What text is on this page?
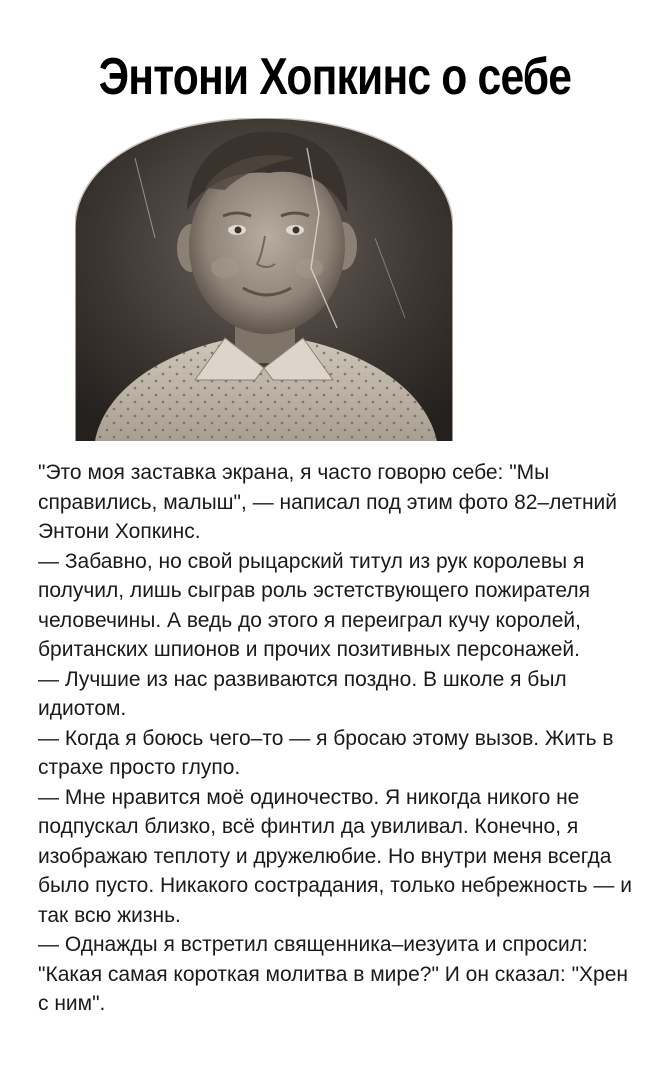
Энтони Хопкинс о себе

"Это моя заставка экрана, я часто говорю себе: "Мы справились, малыш", — написал под этим фото 82–летний Энтони Хопкинс.

— Забавно, но свой рыцарский титул из рук королевы я получил, лишь сыграв роль эстетствующего пожирателя человечины. А ведь до этого я переиграл кучу королей, британских шпионов и прочих позитивных персонажей.

— Лучшие из нас развиваются поздно. В школе я был идиотом.

— Когда я боюсь чего–то — я бросаю этому вызов. Жить в страхе просто глупо.

— Мне нравится моё одиночество. Я никогда никого не подпускал близко, всё финтил да увиливал. Конечно, я изображаю теплоту и дружелюбие. Но внутри меня всегда было пусто. Никакого сострадания, только небрежность — и так всю жизнь.

— Однажды я встретил священника–иезуита и спросил: "Какая самая короткая молитва в мире?" И он сказал: "Хрен с ним".
